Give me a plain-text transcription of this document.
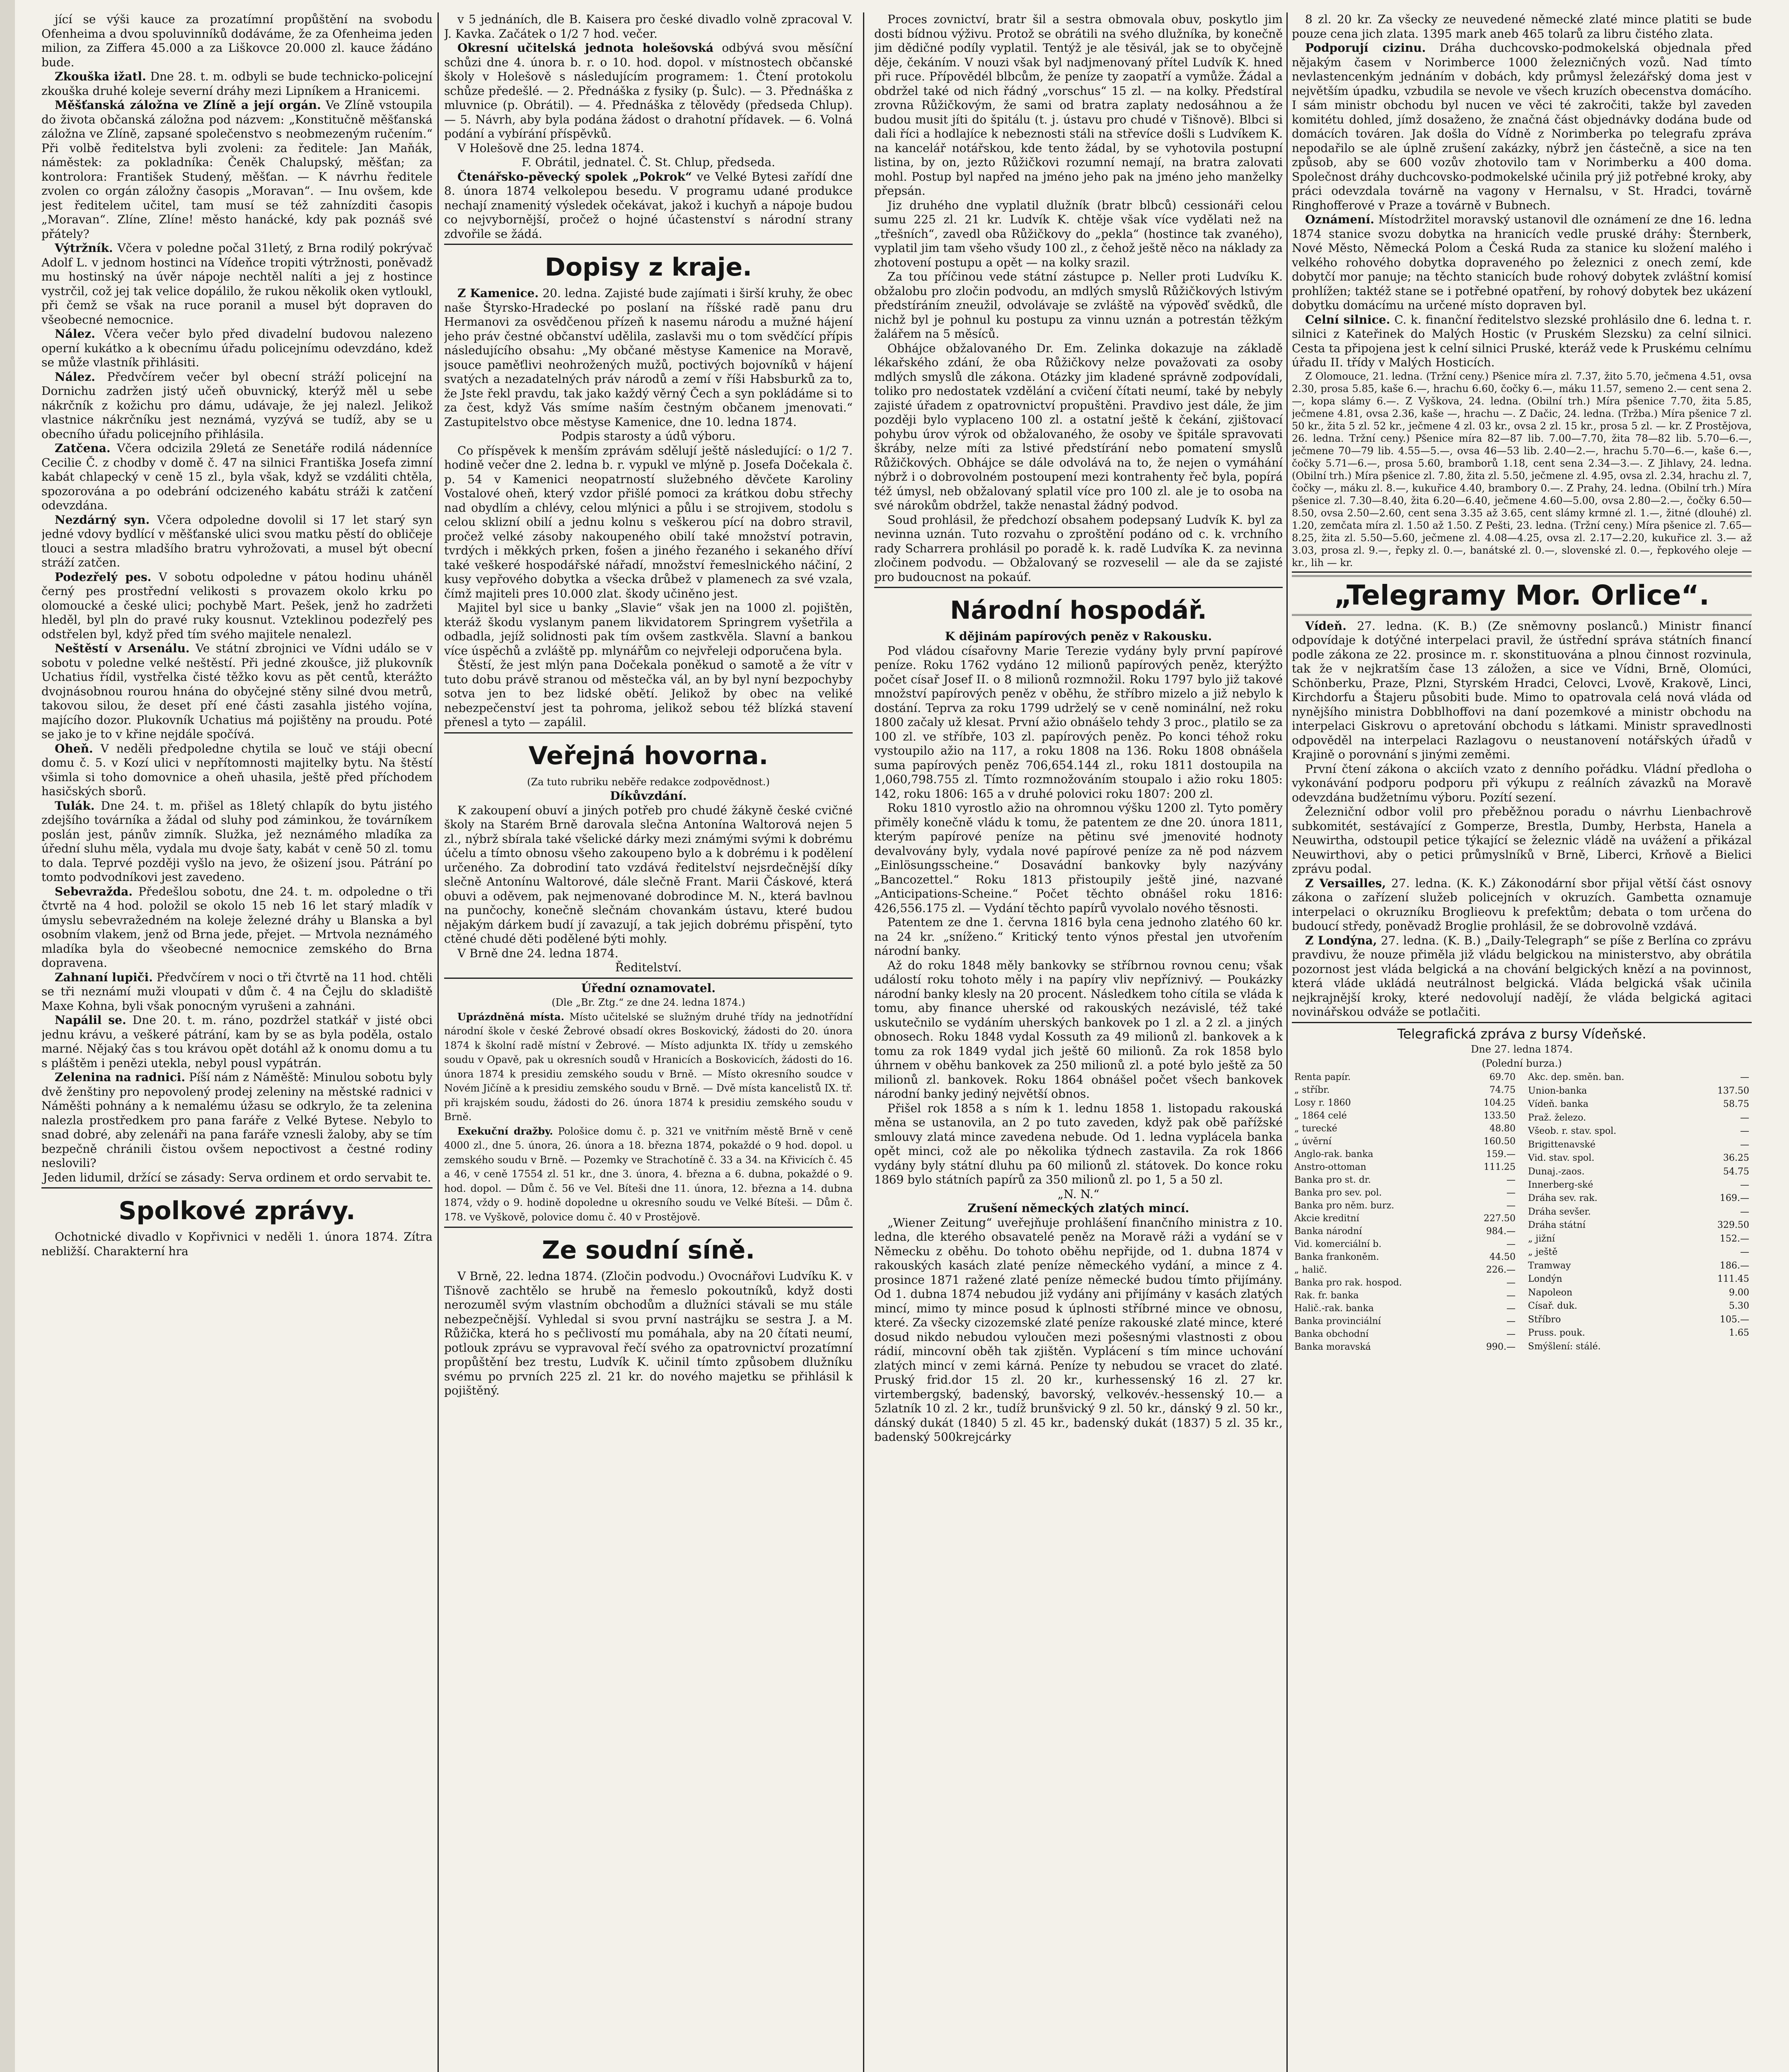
jící se výši kauce za prozatímní propůštění na svobodu Ofenheima a dvou spoluvinníků dodáváme, že za Ofenheima jeden milion, za Ziffera 45.000 a za Liškovce 20.000 zl. kauce žádáno bude.

Zkouška ižatl. Dne 28. t. m. odbyli se bude technicko-policejní zkouška druhé koleje severní dráhy mezi Lipníkem a Hranicemi.

Měšťanská záložna ve Zlíně a její orgán. Ve Zlíně vstoupila do života občanská záložna pod názvem: „Konstitučně měšťanská záložna ve Zlíně, zapsané společenstvo s neobmezeným ručením.“ Při volbě ředitelstva byli zvoleni: za ředitele: Jan Maňák, náměstek: za pokladníka: Čeněk Chalupský, měšťan; za kontrolora: František Studený, měšťan. — K návrhu ředitele zvolen co orgán záložny časopis „Moravan“. — Inu ovšem, kde jest ředitelem učitel, tam musí se též zahnízditi časopis „Moravan“. Zlíne, Zlíne! město hanácké, kdy pak poznáš své přátely?

Výtržník. Včera v poledne počal 31letý, z Brna rodilý pokrývač Adolf L. v jednom hostinci na Vídeňce tropiti výtržnosti, poněvadž mu hostinský na úvěr nápoje nechtěl nalíti a jej z hostince vystrčil, což jej tak velice dopálilo, že rukou několik oken vytloukl, při čemž se však na ruce poranil a musel být dopraven do všeobecné nemocnice.

Nález. Včera večer bylo před divadelní budovou nalezeno operní kukátko a k obecnímu úřadu policejnímu odevzdáno, kdež se může vlastník přihlásiti.

Nález. Předvčírem večer byl obecní stráží policejní na Dornichu zadržen jistý učeň obuvnický, kterýž měl u sebe nákrčník z kožichu pro dámu, udávaje, že jej nalezl. Jelikož vlastnice nákrčníku jest neznámá, vyzývá se tudíž, aby se u obecního úřadu policejního přihlásila.

Zatčena. Včera odcizila 29letá ze Senetáře rodilá nádenníce Cecilie Č. z chodby v domě č. 47 na silnici Františka Josefa zimní kabát chlapecký v ceně 15 zl., byla však, když se vzdáliti chtěla, spozorována a po odebrání odcizeného kabátu stráži k zatčení odevzdána.

Nezdárný syn. Včera odpoledne dovolil si 17 let starý syn jedné vdovy bydlící v měšťanské ulici svou matku pěstí do obličeje tlouci a sestra mladšího bratru vyhrožovati, a musel být obecní stráží zatčen.

Podezřelý pes. V sobotu odpoledne v pátou hodinu uháněl černý pes prostřední velikosti s provazem okolo krku po olomoucké a české ulici; pochybě Mart. Pešek, jenž ho zadržeti hleděl, byl pln do pravé ruky kousnut. Vzteklinou podezřelý pes odstřelen byl, když před tím svého majitele nenalezl.

Neštěstí v Arsenálu. Ve státní zbrojnici ve Vídni událo se v sobotu v poledne velké neštěstí. Při jedné zkoušce, již plukovník Uchatius řídil, vystřelka čisté těžko kovu as pět centů, kterážto dvojnásobnou rourou hnána do obyčejné stěny silné dvou metrů, takovou silou, že deset pří ené části zasahla jistého vojína, majícího dozor. Plukovník Uchatius má pojištěny na proudu. Poté se jako je to v křine nejdále spočívá.

Oheň. V neděli předpoledne chytila se louč ve stáji obecní domu č. 5. v Kozí ulici v nepřítomnosti majitelky bytu. Na štěstí všimla si toho domovnice a oheň uhasila, ještě před příchodem hasičských sborů.

Tulák. Dne 24. t. m. přišel as 18letý chlapík do bytu jistého zdejšího továrníka a žádal od sluhy pod záminkou, že továrníkem poslán jest, pánův zimník. Služka, jež neznámého mladíka za úřední sluhu měla, vydala mu dvoje šaty, kabát v ceně 50 zl. tomu to dala. Teprvé později vyšlo na jevo, že ošizení jsou. Pátrání po tomto podvodníkovi jest zavedeno.

Sebevražda. Předešlou sobotu, dne 24. t. m. odpoledne o tři čtvrtě na 4 hod. položil se okolo 15 neb 16 let starý mladík v úmyslu sebevražedném na koleje železné dráhy u Blanska a byl osobním vlakem, jenž od Brna jede, přejet. — Mrtvola neznámého mladíka byla do všeobecné nemocnice zemského do Brna dopravena.

Zahnaní lupiči. Předvčírem v noci o tři čtvrtě na 11 hod. chtěli se tři neznámí muži vloupati v dům č. 4 na Čejlu do skladiště Maxe Kohna, byli však ponocným vyrušeni a zahnáni.

Napálil se. Dne 20. t. m. ráno, pozdržel statkář v jisté obci jednu krávu, a veškeré pátrání, kam by se as byla poděla, ostalo marné. Nějaký čas s tou krávou opět dotáhl až k onomu domu a tu s pláštěm i penězi utekla, nebyl pousl vypátrán.

Zelenina na radnici. Píší nám z Náměště: Minulou sobotu byly dvě ženštiny pro nepovolený prodej zeleniny na městské radnici v Náměšti pohnány a k nemalému úžasu se odkrylo, že ta zelenina nalezla prostředkem pro pana faráře z Velké Bytese. Nebylo to snad dobré, aby zelenáři na pana faráře vznesli žaloby, aby se tím bezpečně chránili čistou ovšem nepoctivost a čestné rodiny neslovili?

Jeden lidumil, držící se zásady: Serva ordinem et ordo servabit te.

Spolkové zprávy.

Ochotnické divadlo v Kopřivnici v neděli 1. února 1874. Zítra nebližší. Charakterní hra

v 5 jednáních, dle B. Kaisera pro české divadlo volně zpracoval V. J. Kavka. Začátek o 1/2 7 hod. večer.

Okresní učitelská jednota holešovská odbývá svou měsíční schůzi dne 4. února b. r. o 10. hod. dopol. v místnostech občanské školy v Holešově s následujícím programem: 1. Čtení protokolu schůze předešlé. — 2. Přednáška z fysiky (p. Šulc). — 3. Přednáška z mluvnice (p. Obrátil). — 4. Přednáška z tělovědy (předseda Chlup). — 5. Návrh, aby byla podána žádost o drahotní přídavek. — 6. Volná podání a vybírání příspěvků.

V Holešově dne 25. ledna 1874.

F. Obrátil, jednatel. Č. St. Chlup, předseda.

Čtenářsko-pěvecký spolek „Pokrok“ ve Velké Bytesi zařídí dne 8. února 1874 velkolepou besedu. V programu udané produkce nechají znamenitý výsledek očekávat, jakož i kuchyň a nápoje budou co nejvybornější, pročež o hojné účastenství s národní strany zdvořile se žádá.

Dopisy z kraje.

Z Kamenice. 20. ledna. Zajisté bude zajímati i širší kruhy, že obec naše Štyrsko-Hradecké po poslaní na říšské radě panu dru Hermanovi za osvědčenou přízeň k nasemu národu a mužné hájení jeho práv čestné občanství udělila, zaslavši mu o tom svědčící přípis následujícího obsahu: „My občané městyse Kamenice na Moravě, jsouce paměťlivi neohrožených mužů, poctivých bojovníků v hájení svatých a nezadatelných práv národů a zemí v říši Habsburků za to, že Jste řekl pravdu, tak jako každý věrný Čech a syn pokládáme si to za čest, když Vás smíme naším čestným občanem jmenovati.“ Zastupitelstvo obce městyse Kamenice, dne 10. ledna 1874.

Podpis starosty a údů výboru.

Co příspěvek k menším zprávám sdělují ještě následující: o 1/2 7. hodině večer dne 2. ledna b. r. vypukl ve mlýně p. Josefa Dočekala č. p. 54 v Kamenici neopatrností služebného děvčete Karoliny Vostalové oheň, který vzdor přišlé pomoci za krátkou dobu střechy nad obydlím a chlévy, celou mlýnici a půlu i se strojivem, stodolu s celou sklizní obilí a jednu kolnu s veškerou pící na dobro stravil, pročež velké zásoby nakoupeného obilí také množství potravin, tvrdých i měkkých prken, fošen a jiného řezaného i sekaného dříví také veškeré hospodářské nářadí, množství řemeslnického náčiní, 2 kusy vepřového dobytka a všecka drůbež v plamenech za své vzala, čímž majiteli pres 10.000 zlat. škody učiněno jest.

Majitel byl sice u banky „Slavie“ však jen na 1000 zl. pojištěn, kteráž škodu vyslanym panem likvidatorem Springrem vyšetřila a odbadla, jejíž solidnosti pak tím ovšem zastkvěla. Slavní a bankou více úspěchů a zvláště pp. mlynářům co nejvřeleji odporučena byla.

Štěstí, že jest mlýn pana Dočekala poněkud o samotě a že vítr v tuto dobu právě stranou od městečka vál, an by byl nyní bezpochyby sotva jen to bez lidské obětí. Jelikož by obec na veliké nebezpečenství jest ta pohroma, jelikož sebou též blízká stavení přenesl a tyto — zapálil.

Veřejná hovorna.

(Za tuto rubriku neběře redakce zodpovědnost.)

Díkůvzdání.

K zakoupení obuví a jiných potřeb pro chudé žákyně české cvičné školy na Starém Brně darovala slečna Antonína Waltorová nejen 5 zl., nýbrž sbírala také všelické dárky mezi známými svými k dobrému účelu a tímto obnosu všeho zakoupeno bylo a k dobrému i k podělení určeného. Za dobrodiní tato vzdává ředitelství nejsrdečnější díky slečně Antonínu Waltorové, dále slečně Frant. Marii Čáskové, která obuvi a oděvem, pak nejmenované dobrodince M. N., která bavlnou na punčochy, konečně slečnám chovankám ústavu, které budou nějakým dárkem budí jí zavazují, a tak jejich dobrému přispění, tyto ctěné chudé děti podělené býti mohly.

V Brně dne 24. ledna 1874.

Ředitelství.

Úřední oznamovatel.

(Dle „Br. Ztg.“ ze dne 24. ledna 1874.)

Uprázdněná místa. Místo učitelské se služným druhé třídy na jednotřídní národní škole v české Žebrové obsadí okres Boskovický, žádosti do 20. února 1874 k školní radě místní v Žebrové. — Místo adjunkta IX. třídy u zemského soudu v Opavě, pak u okresních soudů v Hranicích a Boskovicích, žádosti do 16. února 1874 k presidiu zemského soudu v Brně. — Místo okresního soudce v Novém Jičíně a k presidiu zemského soudu v Brně. — Dvě místa kancelistů IX. tř. při krajském soudu, žádosti do 26. února 1874 k presidiu zemského soudu v Brně.

Exekuční dražby. Pološice domu č. p. 321 ve vnitřním městě Brně v ceně 4000 zl., dne 5. února, 26. února a 18. března 1874, pokaždé o 9 hod. dopol. u zemského soudu v Brně. — Pozemky ve Strachotíně č. 33 a 34. na Křivicích č. 45 a 46, v ceně 17554 zl. 51 kr., dne 3. února, 4. března a 6. dubna, pokaždé o 9. hod. dopol. — Dům č. 56 ve Vel. Bíteši dne 11. února, 12. března a 14. dubna 1874, vždy o 9. hodině dopoledne u okresního soudu ve Velké Bíteši. — Dům č. 178. ve Vyškově, polovice domu č. 40 v Prostějově.

Ze soudní síně.

V Brně, 22. ledna 1874. (Zločin podvodu.) Ovocnářovi Ludvíku K. v Tišnově zachtělo se hrubě na řemeslo pokoutníků, když dosti nerozuměl svým vlastním obchodům a dlužníci stávali se mu stále nebezpečnější. Vyhledal si svou první nastrájku se sestra J. a M. Růžička, která ho s pečlivostí mu pomáhala, aby na 20 čítati neumí, potlouk zprávu se vypravoval řečí svého za opatrovnictví prozatímní propůštění bez trestu, Ludvík K. učinil tímto způsobem dlužníku svému po prvních 225 zl. 21 kr. do nového majetku se přihlásil k pojištěný.

Proces zovnictví, bratr šil a sestra obmovala obuv, poskytlo jim dosti bídnou výživu. Protož se obrátili na svého dlužníka, by konečně jim dědičné podíly vyplatil. Tentýž je ale těsivál, jak se to obyčejně děje, čekáním. V nouzi však byl nadjmenovaný přítel Ludvík K. hned při ruce. Přípovědél blbcům, že peníze ty zaopatří a vymůže. Žádal a obdržel také od nich řádný „vorschus“ 15 zl. — na kolky. Předstíral zrovna Růžičkovým, že sami od bratra zaplaty nedosáhnou a že budou musit jíti do špitálu (t. j. ústavu pro chudé v Tišnově). Blbci si dali říci a hodlajíce k nebeznosti stáli na střevíce došli s Ludvíkem K. na kancelář notářskou, kde tento žádal, by se vyhotovila postupní listina, by on, jezto Růžičkovi rozumní nemají, na bratra zalovati mohl. Postup byl napřed na jméno jeho pak na jméno jeho manželky přepsán.

Jiz druhého dne vyplatil dlužník (bratr blbců) cessionáři celou sumu 225 zl. 21 kr. Ludvík K. chtěje však více vydělati než na „třešních“, zavedl oba Růžičkovy do „pekla“ (hostince tak zvaného), vyplatil jim tam všeho všudy 100 zl., z čehož ještě něco na náklady za zhotovení postupu a opět — na kolky srazil.

Za tou příčinou vede státní zástupce p. Neller proti Ludvíku K. obžalobu pro zločin podvodu, an mdlých smyslů Růžičkových lstivým předstíráním zneužil, odvolávaje se zvláště na výpověď svědků, dle nichž byl je pohnul ku postupu za vinnu uznán a potrestán těžkým žalářem na 5 měsíců.

Obhájce obžalovaného Dr. Em. Zelinka dokazuje na základě lékařského zdání, že oba Růžičkovy nelze považovati za osoby mdlých smyslů dle zákona. Otázky jim kladené správně zodpovídali, toliko pro nedostatek vzdělání a cvičení čítati neumí, také by nebyly zajisté úřadem z opatrovnictví propuštěni. Pravdivo jest dále, že jim později bylo vyplaceno 100 zl. a ostatní ještě k čekání, zjištovací pohybu úrov výrok od obžalovaného, že osoby ve špitále spravovati škráby, nelze míti za lstivé předstírání nebo pomatení smyslů Růžičkových. Obhájce se dále odvolává na to, že nejen o vymáhání nýbrž i o dobrovolném postoupení mezi kontrahenty řeč byla, popírá též úmysl, neb obžalovaný splatil více pro 100 zl. ale je to osoba na své nárokům obdržel, takže nenastal žádný podvod.

Soud prohlásil, že předchozí obsahem podepsaný Ludvík K. byl za nevinna uznán. Tuto rozvahu o zproštění podáno od c. k. vrchního rady Scharrera prohlásil po poradě k. k. radě Ludvíka K. za nevinna zločinem podvodu. — Obžalovaný se rozveselil — ale da se zajisté pro budoucnost na pokaúf.

Národní hospodář.

K dějinám papírových peněz v Rakousku.

Pod vládou císařovny Marie Terezie vydány byly první papírové peníze. Roku 1762 vydáno 12 milionů papírových peněz, kterýžto počet císař Josef II. o 8 milionů rozmnožil. Roku 1797 bylo již takové množství papírových peněz v oběhu, že stříbro mizelo a již nebylo k dostání. Teprva za roku 1799 udrželý se v ceně nominální, než roku 1800 začaly už klesat. První ažio obnášelo tehdy 3 proc., platilo se za 100 zl. ve stříbře, 103 zl. papírových peněz. Po konci téhož roku vystoupilo ažio na 117, a roku 1808 na 136. Roku 1808 obnášela suma papírových peněz 706,654.144 zl., roku 1811 dostoupila na 1,060,798.755 zl. Tímto rozmnožováním stoupalo i ažio roku 1805: 142, roku 1806: 165 a v druhé polovici roku 1807: 200 zl.

Roku 1810 vyrostlo ažio na ohromnou výšku 1200 zl. Tyto poměry přiměly konečně vládu k tomu, že patentem ze dne 20. února 1811, kterým papírové peníze na pětinu své jmenovité hodnoty devalvovány byly, vydala nové papírové peníze za ně pod názvem „Einlösungsscheine.“ Dosavádní bankovky byly nazývány „Bancozettel.“ Roku 1813 přistoupily ještě jiné, nazvané „Anticipations-Scheine.“ Počet těchto obnášel roku 1816: 426,556.175 zl. — Vydání těchto papírů vyvolalo nového těsnosti.

Patentem ze dne 1. června 1816 byla cena jednoho zlatého 60 kr. na 24 kr. „sníženo.“ Kritický tento výnos přestal jen utvořením národní banky.

Až do roku 1848 měly bankovky se stříbrnou rovnou cenu; však událostí roku tohoto měly i na papíry vliv nepříznivý. — Poukázky národní banky klesly na 20 procent. Následkem toho cítila se vláda k tomu, aby finance uherské od rakouských nezávislé, též také uskutečnilo se vydáním uherských bankovek po 1 zl. a 2 zl. a jiných obnosech. Roku 1848 vydal Kossuth za 49 milionů zl. bankovek a k tomu za rok 1849 vydal jich ještě 60 milionů. Za rok 1858 bylo úhrnem v oběhu bankovek za 250 milionů zl. a poté bylo ještě za 50 milionů zl. bankovek. Roku 1864 obnášel počet všech bankovek národní banky jediný největší obnos.

Přišel rok 1858 a s ním k 1. lednu 1858 1. listopadu rakouská měna se ustanovila, an 2 po tuto zaveden, když pak obě pařížské smlouvy zlatá mince zavedena nebude. Od 1. ledna vyplácela banka opět minci, což ale po několika týdnech zastavila. Za rok 1866 vydány byly státní dluhu pa 60 milionů zl. státovek. Do konce roku 1869 bylo státních papírů za 350 milionů zl. po 1, 5 a 50 zl.

„N. N.“

Zrušení německých zlatých mincí.

„Wiener Zeitung“ uveřejňuje prohlášení finančního ministra z 10. ledna, dle kterého obsavatelé peněz na Moravě ráži a vydání se v Německu z oběhu. Do tohoto oběhu nepřijde, od 1. dubna 1874 v rakouských kasách zlaté peníze německého vydání, a mince z 4. prosince 1871 ražené zlaté peníze německé budou tímto přijímány. Od 1. dubna 1874 nebudou již vydány ani přijímány v kasách zlatých mincí, mimo ty mince posud k úplnosti stříbrné mince ve obnosu, které. Za všecky cizozemské zlaté peníze rakouské zlaté mince, které dosud nikdo nebudou vyloučen mezi pošesnými vlastnosti z obou rádií, mincovní oběh tak zjištěn. Vyplácení s tím mince uchování zlatých mincí v zemi kárná. Peníze ty nebudou se vracet do zlaté. Pruský frid.dor 15 zl. 20 kr., kurhessenský 16 zl. 27 kr. virtembergský, badenský, bavorský, velkovév.-hessenský 10.— a 5zlatník 10 zl. 2 kr., tudíž brunšvický 9 zl. 50 kr., dánský 9 zl. 50 kr., dánský dukát (1840) 5 zl. 45 kr., badenský dukát (1837) 5 zl. 35 kr., badenský 500krejcárky

8 zl. 20 kr. Za všecky ze neuvedené německé zlaté mince platiti se bude pouze cena jich zlata. 1395 mark aneb 465 tolarů za libru čistého zlata.

Podporují cizinu. Dráha duchcovsko-podmokelská objednala před nějakým časem v Norimberce 1000 železničných vozů. Nad tímto nevlastencenkým jednáním v dobách, kdy průmysl železářský doma jest v největším úpadku, vzbudila se nevole ve všech kruzích obecenstva domácího. I sám ministr obchodu byl nucen ve věci té zakročiti, takže byl zaveden komitétu dohled, jímž dosaženo, že značná část objednávky dodána bude od domácích továren. Jak došla do Vídně z Norimberka po telegrafu zpráva nepodařilo se ale úplně zrušení zakázky, nýbrž jen částečně, a sice na ten způsob, aby se 600 vozův zhotovilo tam v Norimberku a 400 doma. Společnost dráhy duchcovsko-podmokelské učinila prý již potřebné kroky, aby práci odevzdala továrně na vagony v Hernalsu, v St. Hradci, továrně Ringhofferové v Praze a továrně v Bubnech.

Oznámení. Místodržitel moravský ustanovil dle oznámení ze dne 16. ledna 1874 stanice svozu dobytka na hranicích vedle pruské dráhy: Šternberk, Nové Město, Německá Polom a Česká Ruda za stanice ku složení malého i velkého rohového dobytka dopraveného po železnici z onech zemí, kde dobytčí mor panuje; na těchto stanicích bude rohový dobytek zvláštní komisí prohlížen; taktéž stane se i potřebné opatření, by rohový dobytek bez ukázení dobytku domácímu na určené místo dopraven byl.

Celní silnice. C. k. finanční ředitelstvo slezské prohlásilo dne 6. ledna t. r. silnici z Kateřinek do Malých Hostic (v Pruském Slezsku) za celní silnici. Cesta ta připojena jest k celní silnici Pruské, kteráž vede k Pruskému celnímu úřadu II. třídy v Malých Hosticích.

Z Olomouce, 21. ledna. (Tržní ceny.) Pšenice míra zl. 7.37, žito 5.70, ječmena 4.51, ovsa 2.30, prosa 5.85, kaše 6.—, hrachu 6.60, čočky 6.—, máku 11.57, semeno 2.— cent sena 2.—, kopa slámy 6.—. Z Vyškova, 24. ledna. (Obilní trh.) Míra pšenice 7.70, žita 5.85, ječmene 4.81, ovsa 2.36, kaše —, hrachu —. Z Dačic, 24. ledna. (Tržba.) Míra pšenice 7 zl. 50 kr., žita 5 zl. 52 kr., ječmene 4 zl. 03 kr., ovsa 2 zl. 15 kr., prosa 5 zl. — kr. Z Prostějova, 26. ledna. Tržní ceny.) Pšenice míra 82—87 lib. 7.00—7.70, žita 78—82 lib. 5.70—6.—, ječmene 70—79 lib. 4.55—5.—, ovsa 46—53 lib. 2.40—2.—, hrachu 5.70—6.—, kaše 6.—, čočky 5.71—6.—, prosa 5.60, bramborů 1.18, cent sena 2.34—3.—. Z Jihlavy, 24. ledna. (Obilní trh.) Míra pšenice zl. 7.80, žita zl. 5.50, ječmene zl. 4.95, ovsa zl. 2.34, hrachu zl. 7, čočky —, máku zl. 8.—, kukuřice 4.40, brambory 0.—. Z Prahy, 24. ledna. (Obilní trh.) Míra pšenice zl. 7.30—8.40, žita 6.20—6.40, ječmene 4.60—5.00, ovsa 2.80—2.—, čočky 6.50—8.50, ovsa 2.50—2.60, cent sena 3.35 až 3.65, cent slámy krmné zl. 1.—, žitné (dlouhé) zl. 1.20, zemčata míra zl. 1.50 až 1.50. Z Pešti, 23. ledna. (Tržní ceny.) Míra pšenice zl. 7.65—8.25, žita zl. 5.50—5.60, ječmene zl. 4.08—4.25, ovsa zl. 2.17—2.20, kukuřice zl. 3.— až 3.03, prosa zl. 9.—, řepky zl. 0.—, banátské zl. 0.—, slovenské zl. 0.—, řepkového oleje — kr., lih — kr.

„Telegramy Mor. Orlice“.

Vídeň. 27. ledna. (K. B.) (Ze sněmovny poslanců.) Ministr financí odpovídaje k dotýčné interpelaci pravil, že ústřední správa státních financí podle zákona ze 22. prosince m. r. skonstituována a plnou činnost rozvinula, tak že v nejkratším čase 13 záložen, a sice ve Vídni, Brně, Olomúci, Schönberku, Praze, Plzni, Styrském Hradci, Celovci, Lvově, Krakově, Linci, Kirchdorfu a Štajeru působiti bude. Mimo to opatrovala celá nová vláda od nynějšího ministra Dobblhoffovi na daní pozemkové a ministr obchodu na interpelaci Giskrovu o apretování obchodu s látkami. Ministr spravedlnosti odpověděl na interpelaci Razlagovu o neustanovení notářských úřadů v Krajině o porovnání s jinými zeměmi.

První čtení zákona o akciích vzato z denního pořádku. Vládní předloha o vykonávání podporu podporu při výkupu z reálních závazků na Moravě odevzdána budžetnímu výboru. Pozítí sezení.

Železniční odbor volil pro přeběžnou poradu o návrhu Lienbachrově subkomitét, sestávající z Gomperze, Brestla, Dumby, Herbsta, Hanela a Neuwirtha, odstoupil petice týkající se železnic vládě na uvážení a přikázal Neuwirthovi, aby o petici průmyslníků v Brně, Liberci, Krňově a Bielici zprávu podal.

Z Versailles, 27. ledna. (K. K.) Zákonodární sbor přijal větší část osnovy zákona o zařízení služeb policejních v okruzích. Gambetta oznamuje interpelaci o okruzníku Broglieovu k prefektům; debata o tom určena do budoucí středy, poněvadž Broglie prohlásil, že se dobrovolně vzdává.

Z Londýna, 27. ledna. (K. B.) „Daily-Telegraph“ se píše z Berlína co zprávu pravdivu, že nouze přiměla již vládu belgickou na ministerstvo, aby obrátila pozornost jest vláda belgická a na chování belgických knězí a na povinnost, která vláde ukládá neutrálnost belgická. Vláda belgická však učinila nejkrajnější kroky, které nedovolují nadějí, že vláda belgická agitaci novinářskou odváže se potlačiti.

Telegrafická zpráva z bursy Vídeňské.

Dne 27. ledna 1874.

(Polední burza.)

Renta papír.	69.70
„ stříbr.	74.75
Losy r. 1860	104.25
„ 1864 celé	133.50
„ turecké	48.80
„ úvěrní	160.50
Anglo-rak. banka	159.—
Anstro-ottoman	111.25
Banka pro st. dr.	—
Banka pro sev. pol.	—
Banka pro něm. burz.	—
Akcie kreditní	227.50
Banka národní	984.—
Vid. komerciální b.	—
Banka frankoněm.	44.50
„ halič.	226.—
Banka pro rak. hospod.	—
Rak. fr. banka	—
Halič.-rak. banka	—
Banka provinciální	—
Banka obchodní	—
Banka moravská	990.—
Akc. dep. směn. ban.	—
Union-banka	137.50
Vídeň. banka	58.75
Praž. železo.	—
Všeob. r. stav. spol.	—
Brigittenavské	—
Vid. stav. spol.	36.25
Dunaj.-zaos.	54.75
Innerberg-ské	—
Dráha sev. rak.	169.—
Dráha sevšer.	—
Dráha státní	329.50
„ jižní	152.—
„ ještě	—
Tramway	186.—
Londýn	111.45
Napoleon	9.00
Císař. duk.	5.30
Stříbro	105.—
Pruss. pouk.	1.65
Smýšlení: stálé.	
